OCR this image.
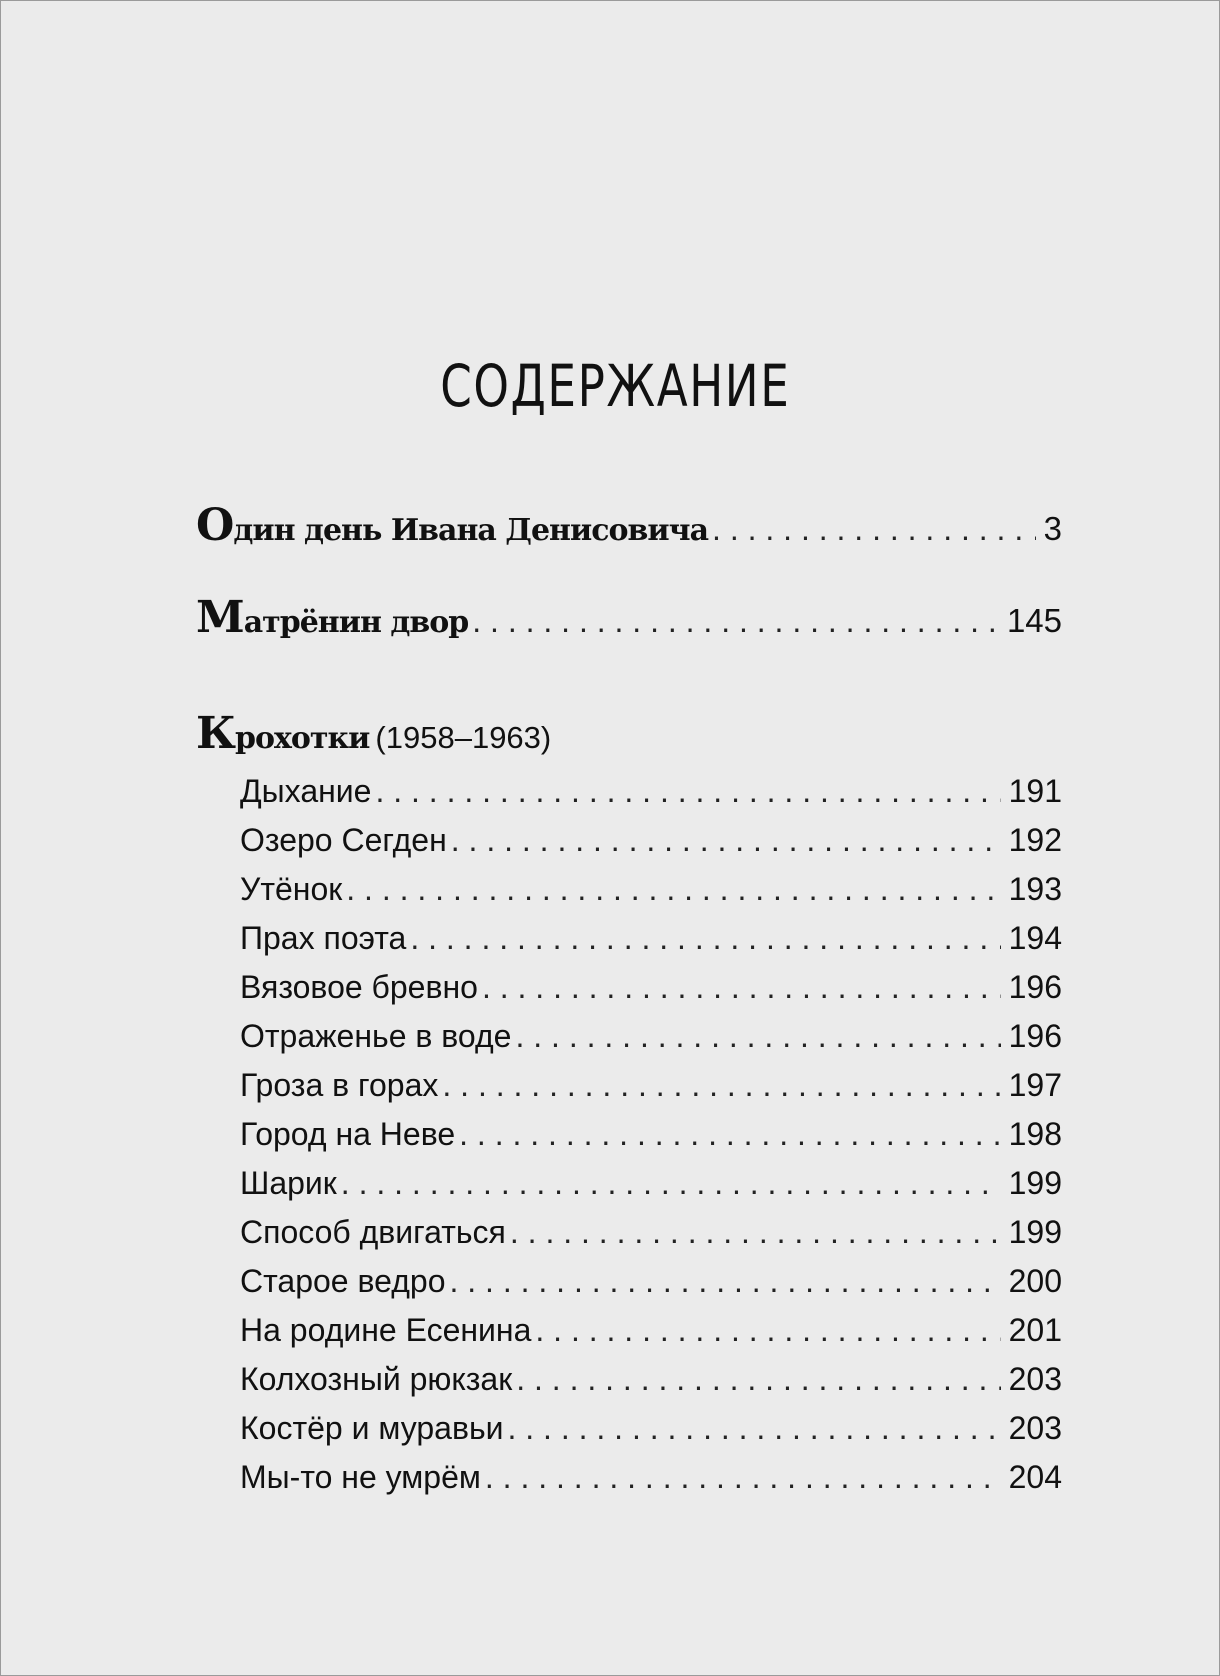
СОДЕРЖАНИЕ
Один день Ивана Денисовича . . .	3
Матрёнин двор . . .	145
Крохотки (1958–1963)
Дыхание . . .	191
Озеро Сегден . . .	192
Утёнок . . .	193
Прах поэта . . .	194
Вязовое бревно . . .	196
Отраженье в воде . . .	196
Гроза в горах . . .	197
Город на Неве . . .	198
Шарик . . .	199
Способ двигаться . . .	199
Старое ведро . . .	200
На родине Есенина . . .	201
Колхозный рюкзак . . .	203
Костёр и муравьи . . .	203
Мы-то не умрём . . .	204
